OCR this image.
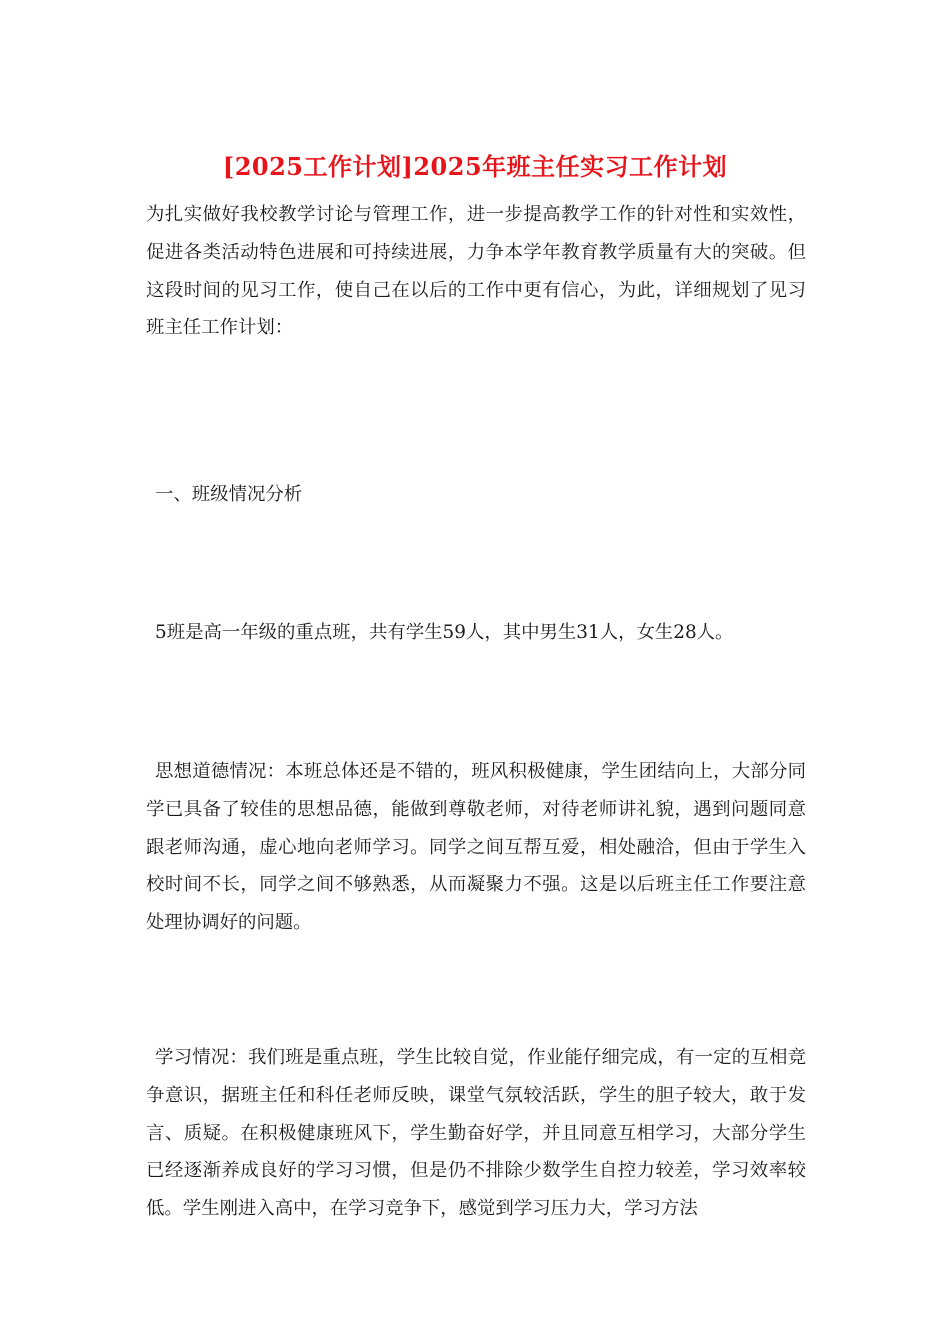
[2025工作计划]2025年班主任实习工作计划

为扎实做好我校教学讨论与管理工作，进一步提高教学工作的针对性和实效性，促进各类活动特色进展和可持续进展，力争本学年教育教学质量有大的突破。但这段时间的见习工作，使自己在以后的工作中更有信心，为此，详细规划了见习班主任工作计划：

一、班级情况分析

5班是高一年级的重点班，共有学生59人，其中男生31人，女生28人。

思想道德情况：本班总体还是不错的，班风积极健康，学生团结向上，大部分同学已具备了较佳的思想品德，能做到尊敬老师，对待老师讲礼貌，遇到问题同意跟老师沟通，虚心地向老师学习。同学之间互帮互爱，相处融洽，但由于学生入校时间不长，同学之间不够熟悉，从而凝聚力不强。这是以后班主任工作要注意处理协调好的问题。

学习情况：我们班是重点班，学生比较自觉，作业能仔细完成，有一定的互相竞争意识，据班主任和科任老师反映，课堂气氛较活跃，学生的胆子较大，敢于发言、质疑。在积极健康班风下，学生勤奋好学，并且同意互相学习，大部分学生已经逐渐养成良好的学习习惯，但是仍不排除少数学生自控力较差，学习效率较低。学生刚进入高中，在学习竞争下，感觉到学习压力大，学习方法
